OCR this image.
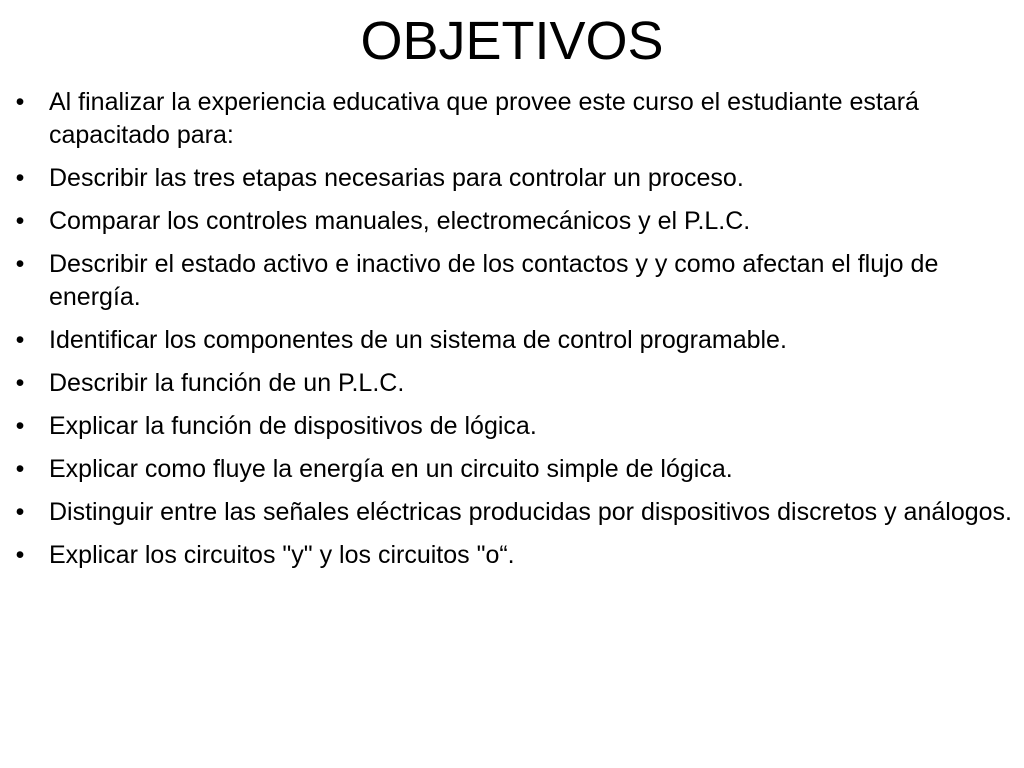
OBJETIVOS
• Al finalizar la experiencia educativa que provee este curso el estudiante estará capacitado para:
• Describir las tres etapas necesarias para controlar un proceso.
• Comparar los controles manuales, electromecánicos y el P.L.C.
• Describir el estado activo e inactivo de los contactos y y como afectan el flujo de energía.
• Identificar los componentes de un sistema de control programable.
• Describir la función de un P.L.C.
• Explicar la función de dispositivos de lógica.
• Explicar como fluye la energía en un circuito simple de lógica.
• Distinguir entre las señales eléctricas producidas por dispositivos discretos y análogos.
• Explicar los circuitos "y" y los circuitos "o“.
